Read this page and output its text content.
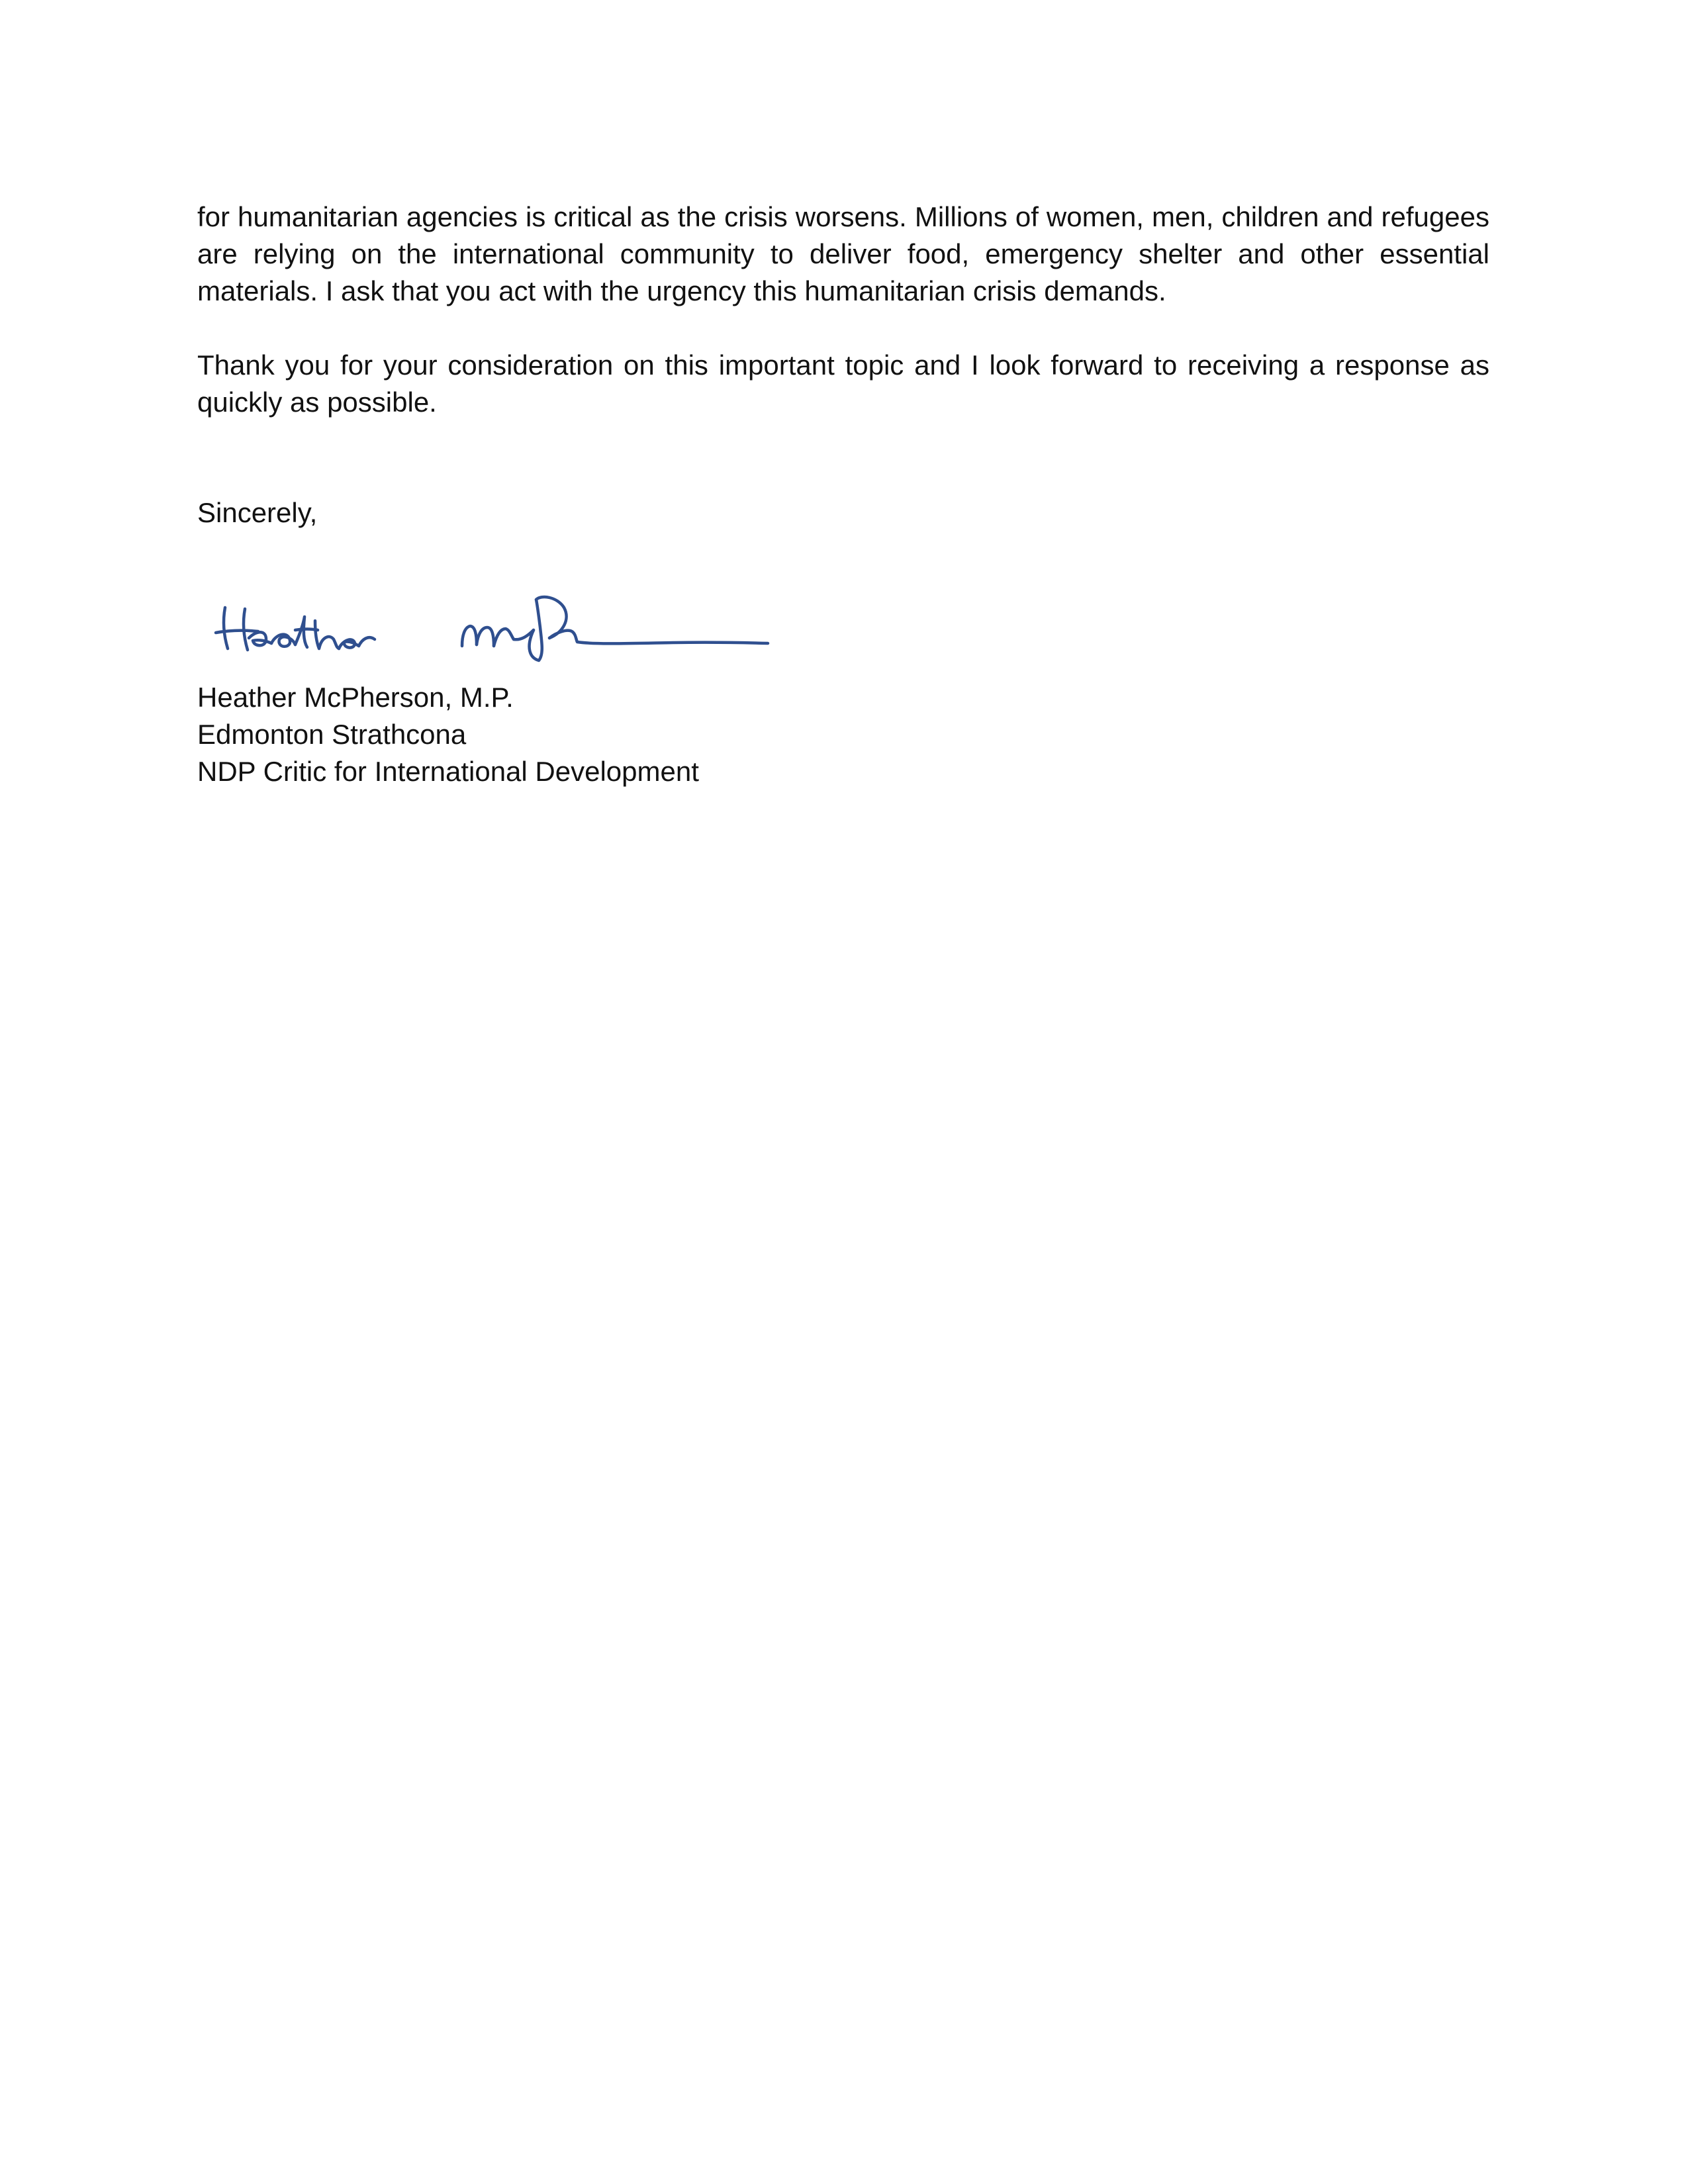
for humanitarian agencies is critical as the crisis worsens. Millions of women, men, children and refugees are relying on the international community to deliver food, emergency shelter and other essential materials. I ask that you act with the urgency this humanitarian crisis demands.

Thank you for your consideration on this important topic and I look forward to receiving a response as quickly as possible.

Sincerely,

Heather McPherson, M.P.
Edmonton Strathcona
NDP Critic for International Development
